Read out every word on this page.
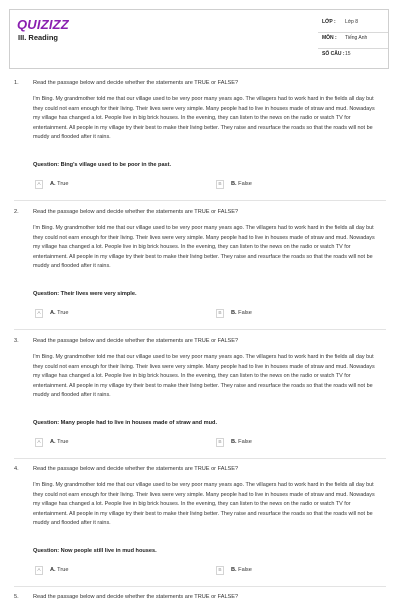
QUIZIZZ
III. Reading
LỚP : Lớp 8
MÔN : Tiếng Anh
SỐ CÂU : 15
1.	Read the passage below and decide whether the statements are TRUE or FALSE?
I'm Bing. My grandmother told me that our village used to be very poor many years ago. The villagers had to work hard in the fields all day but they could not earn enough for their living. Their lives were very simple. Many people had to live in houses made of straw and mud. Nowadays my village has changed a lot. People live in big brick houses. In the evening, they can listen to the news on the radio or watch TV for entertainment. All people in my village try their best to make their living better. They raise and resurface the roads so that the roads will not be muddy and flooded after it rains.
Question: Bing's village used to be poor in the past.
A	A. True	B	B. False
2.	Read the passage below and decide whether the statements are TRUE or FALSE?
I'm Bing. My grandmother told me that our village used to be very poor many years ago. The villagers had to work hard in the fields all day but they could not earn enough for their living. Their lives were very simple. Many people had to live in houses made of straw and mud. Nowadays my village has changed a lot. People live in big brick houses. In the evening, they can listen to the news on the radio or watch TV for entertainment. All people in my village try their best to make their living better. They raise and resurface the roads so that the roads will not be muddy and flooded after it rains.
Question: Their lives were very simple.
A	A. True	B	B. False
3.	Read the passage below and decide whether the statements are TRUE or FALSE?
I'm Bing. My grandmother told me that our village used to be very poor many years ago. The villagers had to work hard in the fields all day but they could not earn enough for their living. Their lives were very simple. Many people had to live in houses made of straw and mud. Nowadays my village has changed a lot. People live in big brick houses. In the evening, they can listen to the news on the radio or watch TV for entertainment. All people in my village try their best to make their living better. They raise and resurface the roads so that the roads will not be muddy and flooded after it rains.
Question: Many people had to live in houses made of straw and mud.
A	A. True	B	B. False
4.	Read the passage below and decide whether the statements are TRUE or FALSE?
I'm Bing. My grandmother told me that our village used to be very poor many years ago. The villagers had to work hard in the fields all day but they could not earn enough for their living. Their lives were very simple. Many people had to live in houses made of straw and mud. Nowadays my village has changed a lot. People live in big brick houses. In the evening, they can listen to the news on the radio or watch TV for entertainment. All people in my village try their best to make their living better. They raise and resurface the roads so that the roads will not be muddy and flooded after it rains.
Question: Now people still live in mud houses.
A	A. True	B	B. False
5.	Read the passage below and decide whether the statements are TRUE or FALSE?
